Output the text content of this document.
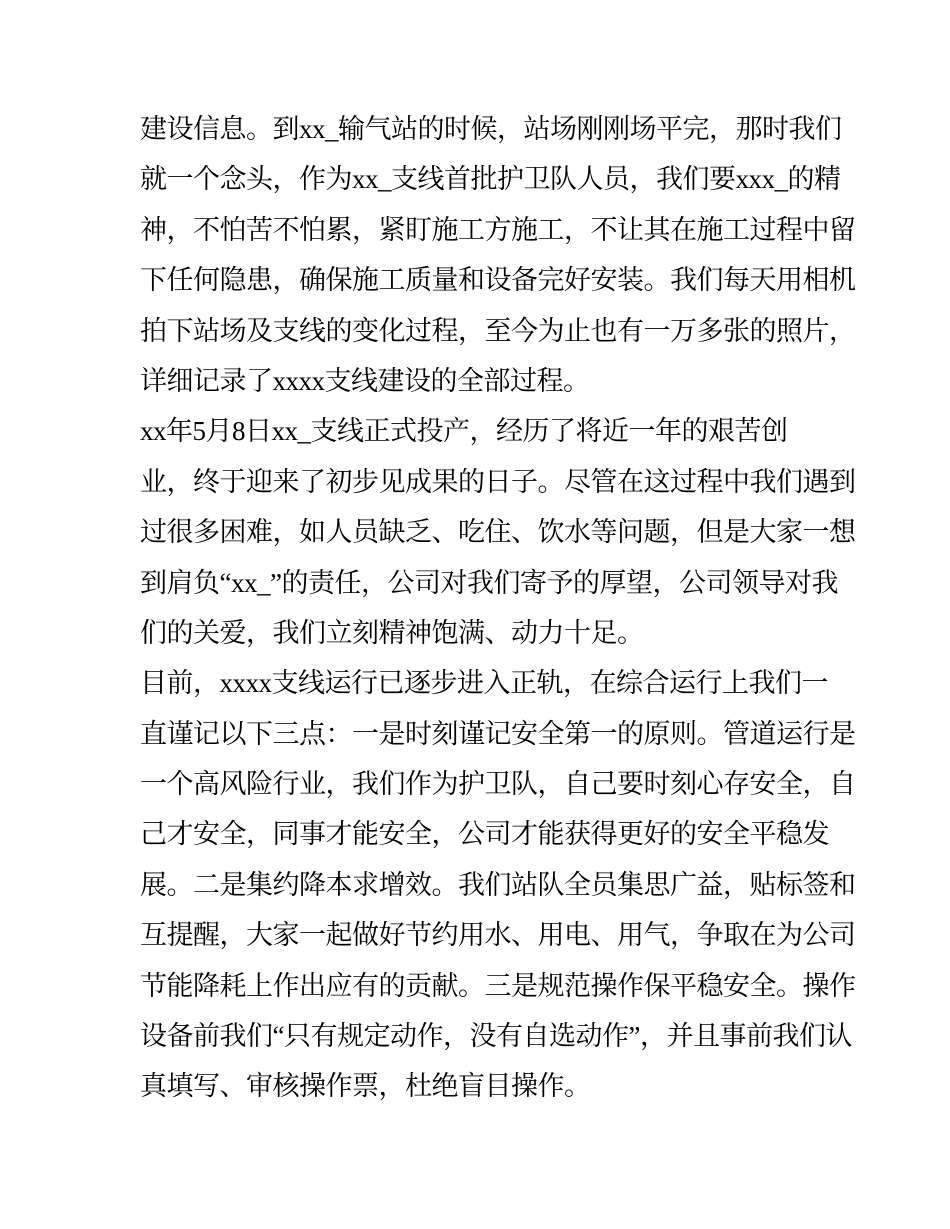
建设信息。到xx_输气站的时候，站场刚刚场平完，那时我们
就一个念头，作为xx_支线首批护卫队人员，我们要xxx_的精
神，不怕苦不怕累，紧盯施工方施工，不让其在施工过程中留
下任何隐患，确保施工质量和设备完好安装。我们每天用相机
拍下站场及支线的变化过程，至今为止也有一万多张的照片，
详细记录了xxxx支线建设的全部过程。
xx年5月8日xx_支线正式投产，经历了将近一年的艰苦创
业，终于迎来了初步见成果的日子。尽管在这过程中我们遇到
过很多困难，如人员缺乏、吃住、饮水等问题，但是大家一想
到肩负“xx_”的责任，公司对我们寄予的厚望，公司领导对我
们的关爱，我们立刻精神饱满、动力十足。
目前，xxxx支线运行已逐步进入正轨，在综合运行上我们一
直谨记以下三点：一是时刻谨记安全第一的原则。管道运行是
一个高风险行业，我们作为护卫队，自己要时刻心存安全，自
己才安全，同事才能安全，公司才能获得更好的安全平稳发
展。二是集约降本求增效。我们站队全员集思广益，贴标签和
互提醒，大家一起做好节约用水、用电、用气，争取在为公司
节能降耗上作出应有的贡献。三是规范操作保平稳安全。操作
设备前我们“只有规定动作，没有自选动作”，并且事前我们认
真填写、审核操作票，杜绝盲目操作。
